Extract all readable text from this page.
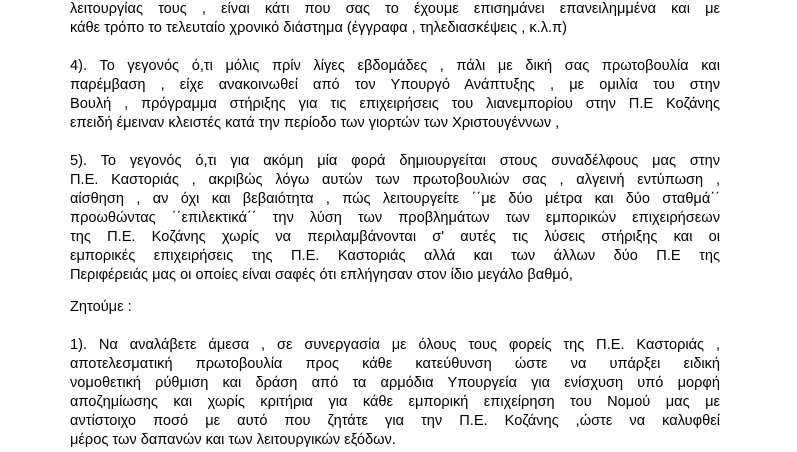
λειτουργίας τους , είναι κάτι που σας το έχουμε επισημάνει επανειλημμένα και με
κάθε τρόπο το τελευταίο χρονικό διάστημα (έγγραφα , τηλεδιασκέψεις , κ.λ.π)
4). Το γεγονός ό,τι μόλις πρίν λίγες εβδομάδες , πάλι με δική σας πρωτοβουλία και
παρέμβαση , είχε ανακοινωθεί από τον Υπουργό Ανάπτυξης , με ομιλία του στην
Βουλή , πρόγραμμα στήριξης για τις επιχειρήσεις του λιανεμπορίου στην Π.Ε Κοζάνης
επειδή έμειναν κλειστές κατά την περίοδο των γιορτών των Χριστουγέννων ,
5). Το γεγονός ό,τι για ακόμη μία φορά δημιουργείται στους συναδέλφους μας στην
Π.Ε. Καστοριάς , ακριβώς λόγω αυτών των πρωτοβουλιών σας , αλγεινή εντύπωση ,
αίσθηση , αν όχι και βεβαιότητα , πώς λειτουργείτε ΄΄με δύο μέτρα και δύο σταθμά΄΄
προωθώντας ΄΄επιλεκτικά΄΄ την λύση των προβλημάτων των εμπορικών επιχειρήσεων
της Π.Ε. Κοζάνης χωρίς να περιλαμβάνονται σ' αυτές τις λύσεις στήριξης και οι
εμπορικές επιχειρήσεις της Π.Ε. Καστοριάς αλλά και των άλλων δύο Π.Ε της
Περιφέρειάς μας οι οποίες είναι σαφές ότι επλήγησαν στον ίδιο μεγάλο βαθμό,
Ζητούμε :
1). Να αναλάβετε άμεσα , σε συνεργασία με όλους τους φορείς της Π.Ε. Καστοριάς ,
αποτελεσματική πρωτοβουλία προς κάθε κατεύθυνση ώστε να υπάρξει ειδική
νομοθετική ρύθμιση και δράση από τα αρμόδια Υπουργεία για ενίσχυση υπό μορφή
αποζημίωσης και χωρίς κριτήρια για κάθε εμπορική επιχείρηση του Νομού μας με
αντίστοιχο ποσό με αυτό που ζητάτε για την Π.Ε. Κοζάνης ,ώστε να καλυφθεί
μέρος των δαπανών και των λειτουργικών εξόδων.
